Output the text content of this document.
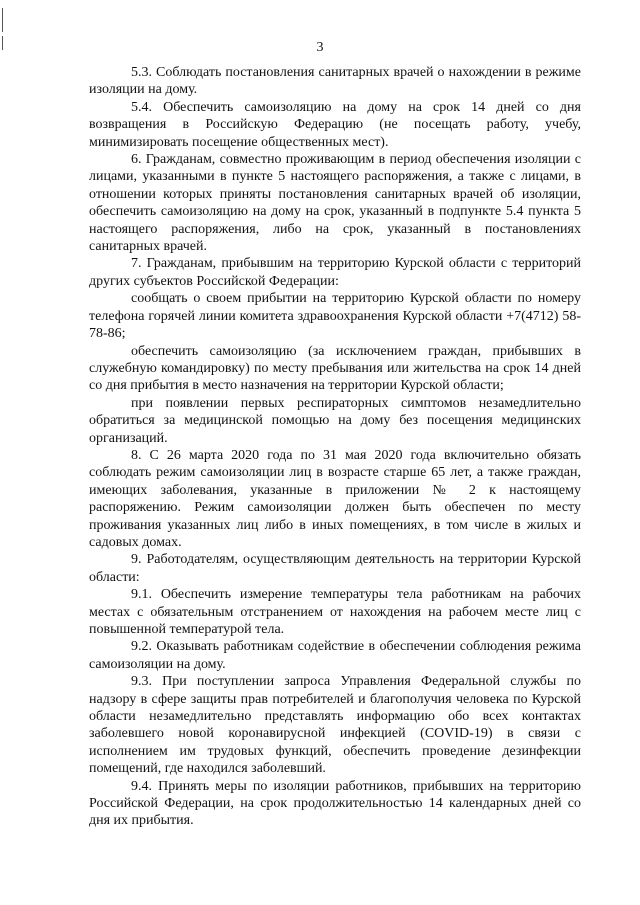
3

5.3. Соблюдать постановления санитарных врачей о нахождении в режиме изоляции на дому.

5.4. Обеспечить самоизоляцию на дому на срок 14 дней со дня возвращения в Российскую Федерацию (не посещать работу, учебу, минимизировать посещение общественных мест).

6. Гражданам, совместно проживающим в период обеспечения изоляции с лицами, указанными в пункте 5 настоящего распоряжения, а также с лицами, в отношении которых приняты постановления санитарных врачей об изоляции, обеспечить самоизоляцию на дому на срок, указанный в подпункте 5.4 пункта 5 настоящего распоряжения, либо на срок, указанный в постановлениях санитарных врачей.

7. Гражданам, прибывшим на территорию Курской области с территорий других субъектов Российской Федерации:

сообщать о своем прибытии на территорию Курской области по номеру телефона горячей линии комитета здравоохранения Курской области +7(4712) 58-78-86;

обеспечить самоизоляцию (за исключением граждан, прибывших в служебную командировку) по месту пребывания или жительства на срок 14 дней со дня прибытия в место назначения на территории Курской области;

при появлении первых респираторных симптомов незамедлительно обратиться за медицинской помощью на дому без посещения медицинских организаций.

8. С 26 марта 2020 года по 31 мая 2020 года включительно обязать соблюдать режим самоизоляции лиц в возрасте старше 65 лет, а также граждан, имеющих заболевания, указанные в приложении № 2 к настоящему распоряжению. Режим самоизоляции должен быть обеспечен по месту проживания указанных лиц либо в иных помещениях, в том числе в жилых и садовых домах.

9. Работодателям, осуществляющим деятельность на территории Курской области:

9.1. Обеспечить измерение температуры тела работникам на рабочих местах с обязательным отстранением от нахождения на рабочем месте лиц с повышенной температурой тела.

9.2. Оказывать работникам содействие в обеспечении соблюдения режима самоизоляции на дому.

9.3. При поступлении запроса Управления Федеральной службы по надзору в сфере защиты прав потребителей и благополучия человека по Курской области незамедлительно представлять информацию обо всех контактах заболевшего новой коронавирусной инфекцией (COVID-19) в связи с исполнением им трудовых функций, обеспечить проведение дезинфекции помещений, где находился заболевший.

9.4. Принять меры по изоляции работников, прибывших на территорию Российской Федерации, на срок продолжительностью 14 календарных дней со дня их прибытия.
